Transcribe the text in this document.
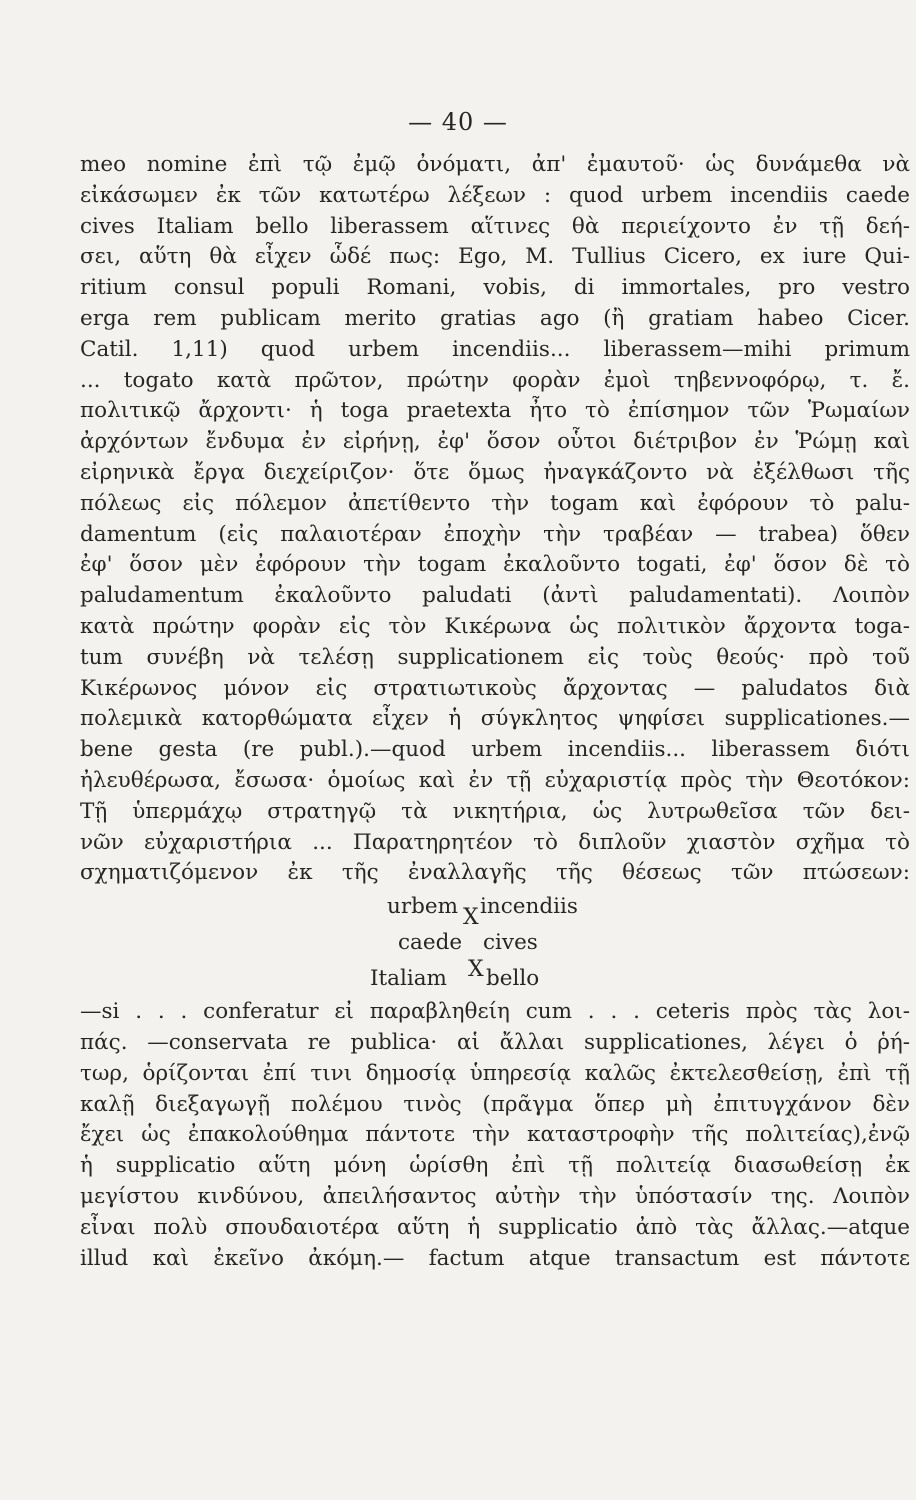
— 40 —
meo nomine ἐπὶ τῷ ἐμῷ ὀνόματι, ἀπ' ἐμαυτοῦ· ὡς δυνάμεθα νὰ
εἰκάσωμεν ἐκ τῶν κατωτέρω λέξεων : quod urbem incendiis caede
cives Italiam bello liberassem αἵτινες θὰ περιείχοντο ἐν τῇ δεή-
σει, αὕτη θὰ εἶχεν ὧδέ πως: Ego, M. Tullius Cicero, ex iure Qui-
ritium consul populi Romani, vobis, di immortales, pro vestro
erga rem publicam merito gratias ago (ἢ gratiam habeo Cicer.
Catil. 1,11) quod urbem incendiis... liberassem—mihi primum
... togato κατὰ πρῶτον, πρώτην φορὰν ἐμοὶ τηβεννοφόρῳ, τ. ἔ.
πολιτικῷ ἄρχοντι· ἡ toga praetexta ἦτο τὸ ἐπίσημον τῶν Ῥωμαίων
ἀρχόντων ἔνδυμα ἐν εἰρήνῃ, ἐφ' ὅσον οὗτοι διέτριβον ἐν Ῥώμῃ καὶ
εἰρηνικὰ ἔργα διεχείριζον· ὅτε ὅμως ἠναγκάζοντο νὰ ἐξέλθωσι τῆς
πόλεως εἰς πόλεμον ἀπετίθεντο τὴν togam καὶ ἐφόρουν τὸ palu-
damentum (εἰς παλαιοτέραν ἐποχὴν τὴν τραβέαν — trabea) ὅθεν
ἐφ' ὅσον μὲν ἐφόρουν τὴν togam ἐκαλοῦντο togati, ἐφ' ὅσον δὲ τὸ
paludamentum ἐκαλοῦντο paludati (ἀντὶ paludamentati). Λοιπὸν
κατὰ πρώτην φορὰν εἰς τὸν Κικέρωνα ὡς πολιτικὸν ἄρχοντα toga-
tum συνέβη νὰ τελέσῃ supplicationem εἰς τοὺς θεούς· πρὸ τοῦ
Κικέρωνος μόνον εἰς στρατιωτικοὺς ἄρχοντας — paludatos διὰ
πολεμικὰ κατορθώματα εἶχεν ἡ σύγκλητος ψηφίσει supplicationes.—
bene gesta (re publ.).—quod urbem incendiis... liberassem διότι
ἠλευθέρωσα, ἔσωσα· ὁμοίως καὶ ἐν τῇ εὐχαριστίᾳ πρὸς τὴν Θεοτόκον:
Τῇ ὑπερμάχῳ στρατηγῷ τὰ νικητήρια, ὡς λυτρωθεῖσα τῶν δει-
νῶν εὐχαριστήρια ... Παρατηρητέον τὸ διπλοῦν χιαστὸν σχῆμα τὸ
σχηματιζόμενον ἐκ τῆς ἐναλλαγῆς τῆς θέσεως τῶν πτώσεων:
urbem X incendiis
caede cives
Italiam X bello
—si . . . conferatur εἰ παραβληθείη cum . . . ceteris πρὸς τὰς λοι-
πάς. —conservata re publica· αἱ ἄλλαι supplicationes, λέγει ὁ ῥή-
τωρ, ὁρίζονται ἐπί τινι δημοσίᾳ ὑπηρεσίᾳ καλῶς ἐκτελεσθείσῃ, ἐπὶ τῇ
καλῇ διεξαγωγῇ πολέμου τινὸς (πρᾶγμα ὅπερ μὴ ἐπιτυγχάνον δὲν
ἔχει ὡς ἐπακολούθημα πάντοτε τὴν καταστροφὴν τῆς πολιτείας),ἐνῷ
ἡ supplicatio αὕτη μόνη ὡρίσθη ἐπὶ τῇ πολιτείᾳ διασωθείσῃ ἐκ
μεγίστου κινδύνου, ἀπειλήσαντος αὐτὴν τὴν ὑπόστασίν της. Λοιπὸν
εἶναι πολὺ σπουδαιοτέρα αὕτη ἡ supplicatio ἀπὸ τὰς ἄλλας.—atque
illud καὶ ἐκεῖνο ἀκόμη.— factum atque transactum est πάντοτε
